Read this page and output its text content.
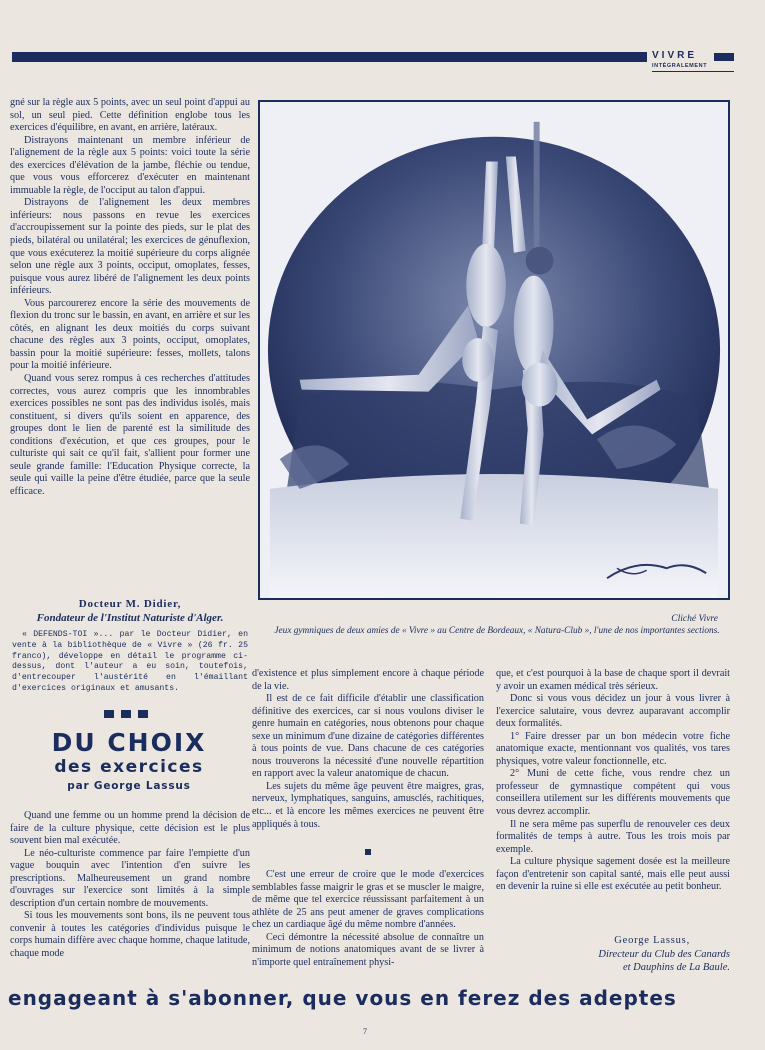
VIVRE
INTÉGRALEMENT

gné sur la règle aux 5 points, avec un seul point d'appui au sol, un seul pied. Cette définition englobe tous les exercices d'équilibre, en avant, en arrière, latéraux.

Distrayons maintenant un membre inférieur de l'alignement de la règle aux 5 points: voici toute la série des exercices d'élévation de la jambe, fléchie ou tendue, que vous vous efforcerez d'exécuter en maintenant immuable la règle, de l'occiput au talon d'appui.

Distrayons de l'alignement les deux membres inférieurs: nous passons en revue les exercices d'accroupissement sur la pointe des pieds, sur le plat des pieds, bilatéral ou unilatéral; les exercices de génuflexion, que vous exécuterez la moitié supérieure du corps alignée selon une règle aux 3 points, occiput, omoplates, fesses, puisque vous aurez libéré de l'alignement les deux points inférieurs.

Vous parcourerez encore la série des mouvements de flexion du tronc sur le bassin, en avant, en arrière et sur les côtés, en alignant les deux moitiés du corps suivant chacune des règles aux 3 points, occiput, omoplates, bassin pour la moitié supérieure: fesses, mollets, talons pour la moitié inférieure.

Quand vous serez rompus à ces recherches d'attitudes correctes, vous aurez compris que les innombrables exercices possibles ne sont pas des individus isolés, mais constituent, si divers qu'ils soient en apparence, des groupes dont le lien de parenté est la similitude des conditions d'exécution, et que ces groupes, pour le culturiste qui sait ce qu'il fait, s'allient pour former une seule grande famille: l'Education Physique correcte, la seule qui vaille la peine d'être étudiée, parce que la seule efficace.

Docteur M. Didier,
Fondateur de l'Institut Naturiste d'Alger.

« DEFENDS-TOI »... par le Docteur Didier, en vente à la bibliothèque de « Vivre » (26 fr. 25 franco), développe en détail le programme ci-dessus, dont l'auteur a eu soin, toutefois, d'entrecouper l'austérité en l'émaillant d'exercices originaux et amusants.

DU CHOIX
des exercices
par George Lassus

Quand une femme ou un homme prend la décision de faire de la culture physique, cette décision est le plus souvent bien mal exécutée.

Le néo-culturiste commence par faire l'empiette d'un vague bouquin avec l'intention d'en suivre les prescriptions. Malheureusement un grand nombre d'ouvrages sur l'exercice sont limités à la simple description d'un certain nombre de mouvements.

Si tous les mouvements sont bons, ils ne peuvent tous convenir à toutes les catégories d'individus puisque le corps humain diffère avec chaque homme, chaque latitude, chaque mode

d'existence et plus simplement encore à chaque période de la vie.

Il est de ce fait difficile d'établir une classification définitive des exercices, car si nous voulons diviser le genre humain en catégories, nous obtenons pour chaque sexe un minimum d'une dizaine de catégories différentes à tous points de vue. Dans chacune de ces catégories nous trouverons la nécessité d'une nouvelle répartition en rapport avec la valeur anatomique de chacun.

Les sujets du même âge peuvent être maigres, gras, nerveux, lymphatiques, sanguins, amusclés, rachitiques, etc... et là encore les mêmes exercices ne peuvent être appliqués à tous.

C'est une erreur de croire que le mode d'exercices semblables fasse maigrir le gras et se muscler le maigre, de même que tel exercice réussissant parfaitement à un athlète de 25 ans peut amener de graves complications chez un cardiaque âgé du même nombre d'années.

Ceci démontre la nécessité absolue de connaître un minimum de notions anatomiques avant de se livrer à n'importe quel entraînement physi-

que, et c'est pourquoi à la base de chaque sport il devrait y avoir un examen médical très sérieux.

Donc si vous vous décidez un jour à vous livrer à l'exercice salutaire, vous devrez auparavant accomplir deux formalités.

1° Faire dresser par un bon médecin votre fiche anatomique exacte, mentionnant vos qualités, vos tares physiques, votre valeur fonctionnelle, etc.

2° Muni de cette fiche, vous rendre chez un professeur de gymnastique compétent qui vous conseillera utilement sur les différents mouvements que vous devrez accomplir.

Il ne sera même pas superflu de renouveler ces deux formalités de temps à autre. Tous les trois mois par exemple.

La culture physique sagement dosée est la meilleure façon d'entretenir son capital santé, mais elle peut aussi en devenir la ruine si elle est exécutée au petit bonheur.

George Lassus,
Directeur du Club des Canards
et Dauphins de La Baule.
Cliché Vivre
Jeux gymniques de deux amies de « Vivre » au Centre de Bordeaux, « Natura-Club », l'une de nos importantes sections.
engageant à s'abonner, que vous en ferez des adeptes
7
